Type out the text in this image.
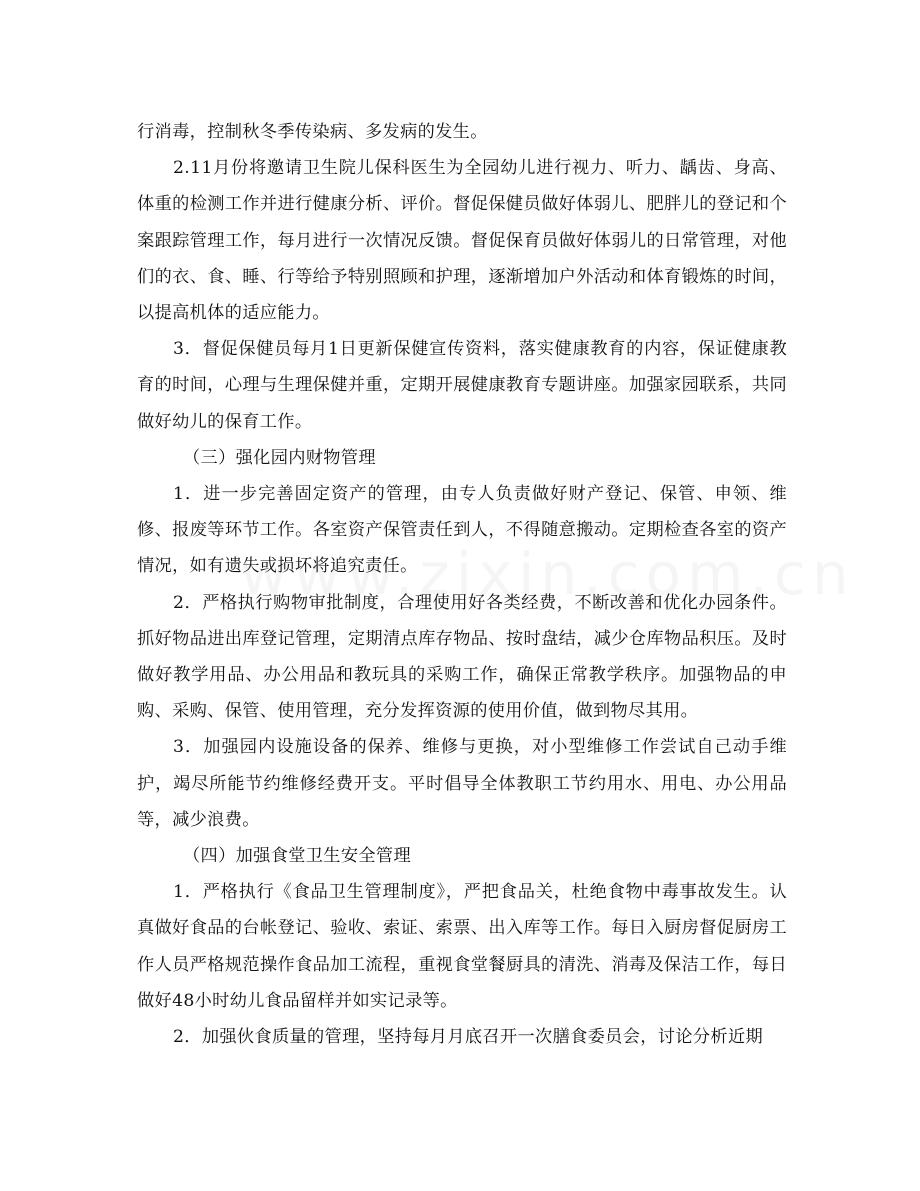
行消毒，控制秋冬季传染病、多发病的发生。

2.11月份将邀请卫生院儿保科医生为全园幼儿进行视力、听力、龋齿、身高、体重的检测工作并进行健康分析、评价。督促保健员做好体弱儿、肥胖儿的登记和个案跟踪管理工作，每月进行一次情况反馈。督促保育员做好体弱儿的日常管理，对他们的衣、食、睡、行等给予特别照顾和护理，逐渐增加户外活动和体育锻炼的时间，以提高机体的适应能力。

3．督促保健员每月1日更新保健宣传资料，落实健康教育的内容，保证健康教育的时间，心理与生理保健并重，定期开展健康教育专题讲座。加强家园联系，共同做好幼儿的保育工作。

（三）强化园内财物管理

1．进一步完善固定资产的管理，由专人负责做好财产登记、保管、申领、维修、报废等环节工作。各室资产保管责任到人，不得随意搬动。定期检查各室的资产情况，如有遗失或损坏将追究责任。

2．严格执行购物审批制度，合理使用好各类经费，不断改善和优化办园条件。抓好物品进出库登记管理，定期清点库存物品、按时盘结，减少仓库物品积压。及时做好教学用品、办公用品和教玩具的采购工作，确保正常教学秩序。加强物品的申购、采购、保管、使用管理，充分发挥资源的使用价值，做到物尽其用。

3．加强园内设施设备的保养、维修与更换，对小型维修工作尝试自己动手维护，竭尽所能节约维修经费开支。平时倡导全体教职工节约用水、用电、办公用品等，减少浪费。

（四）加强食堂卫生安全管理

1．严格执行《食品卫生管理制度》，严把食品关，杜绝食物中毒事故发生。认真做好食品的台帐登记、验收、索证、索票、出入库等工作。每日入厨房督促厨房工作人员严格规范操作食品加工流程，重视食堂餐厨具的清洗、消毒及保洁工作，每日做好48小时幼儿食品留样并如实记录等。

2．加强伙食质量的管理，坚持每月月底召开一次膳食委员会，讨论分析近期
